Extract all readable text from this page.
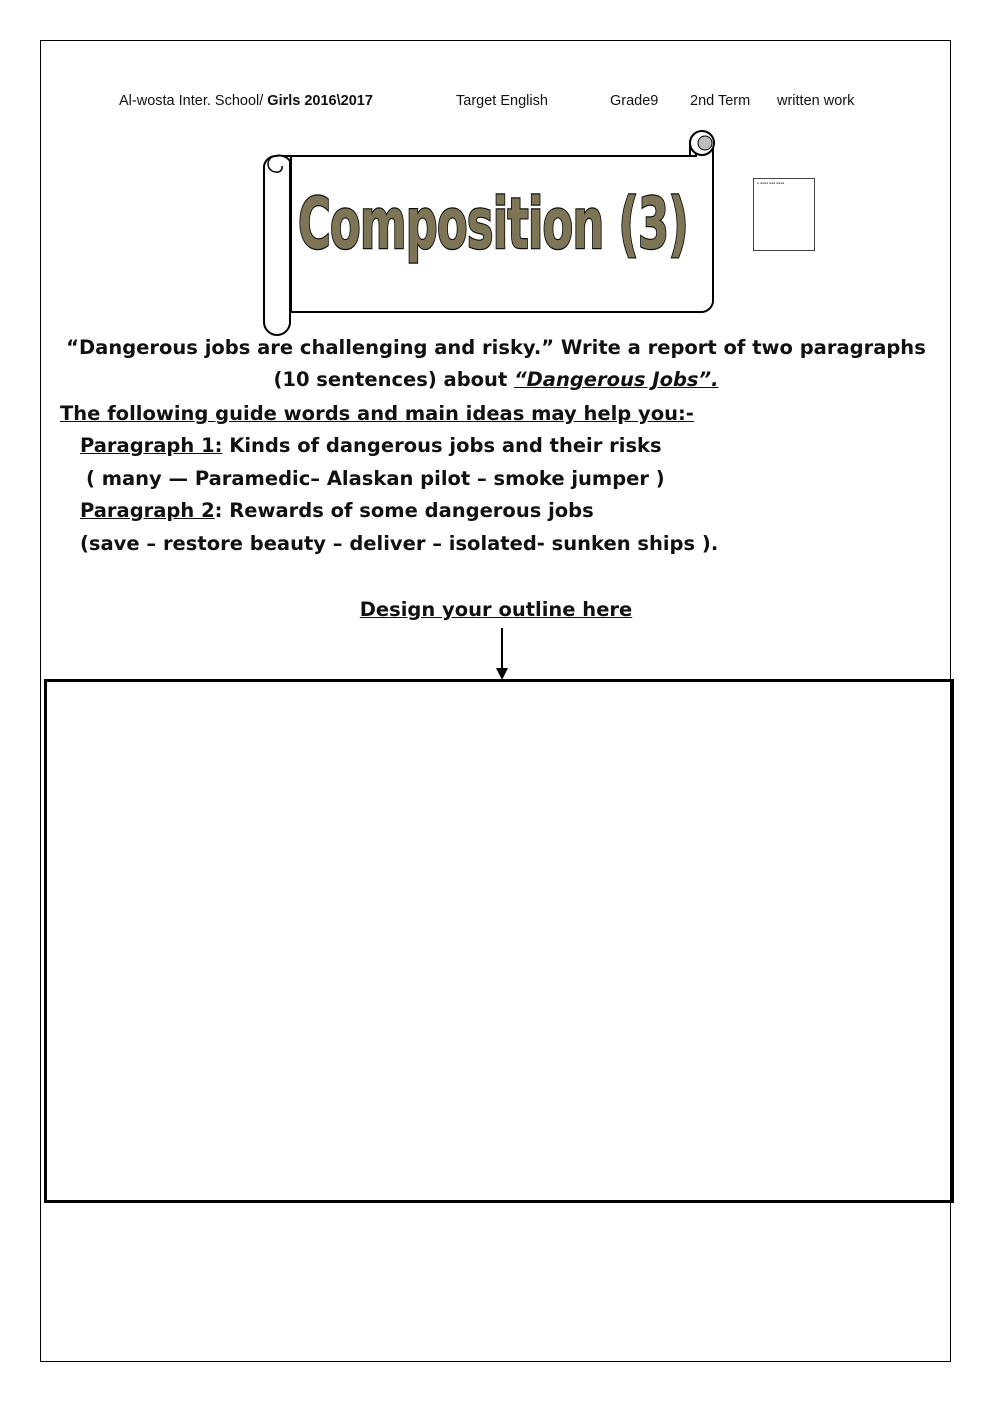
Al-wosta Inter. School/ Girls 2016\2017	Target English	Grade9 2nd Term written work
Composition (3)	▪ ▪▪▪▪ ▪▪▪ ▪▪▪▪
“Dangerous jobs are challenging and risky.” Write a report of two paragraphs
(10 sentences) about “Dangerous Jobs”.
The following guide words and main ideas may help you:-
Paragraph 1: Kinds of dangerous jobs and their risks
( many — Paramedic– Alaskan pilot – smoke jumper )
Paragraph 2: Rewards of some dangerous jobs
(save – restore beauty – deliver – isolated- sunken ships ).
Design your outline here
